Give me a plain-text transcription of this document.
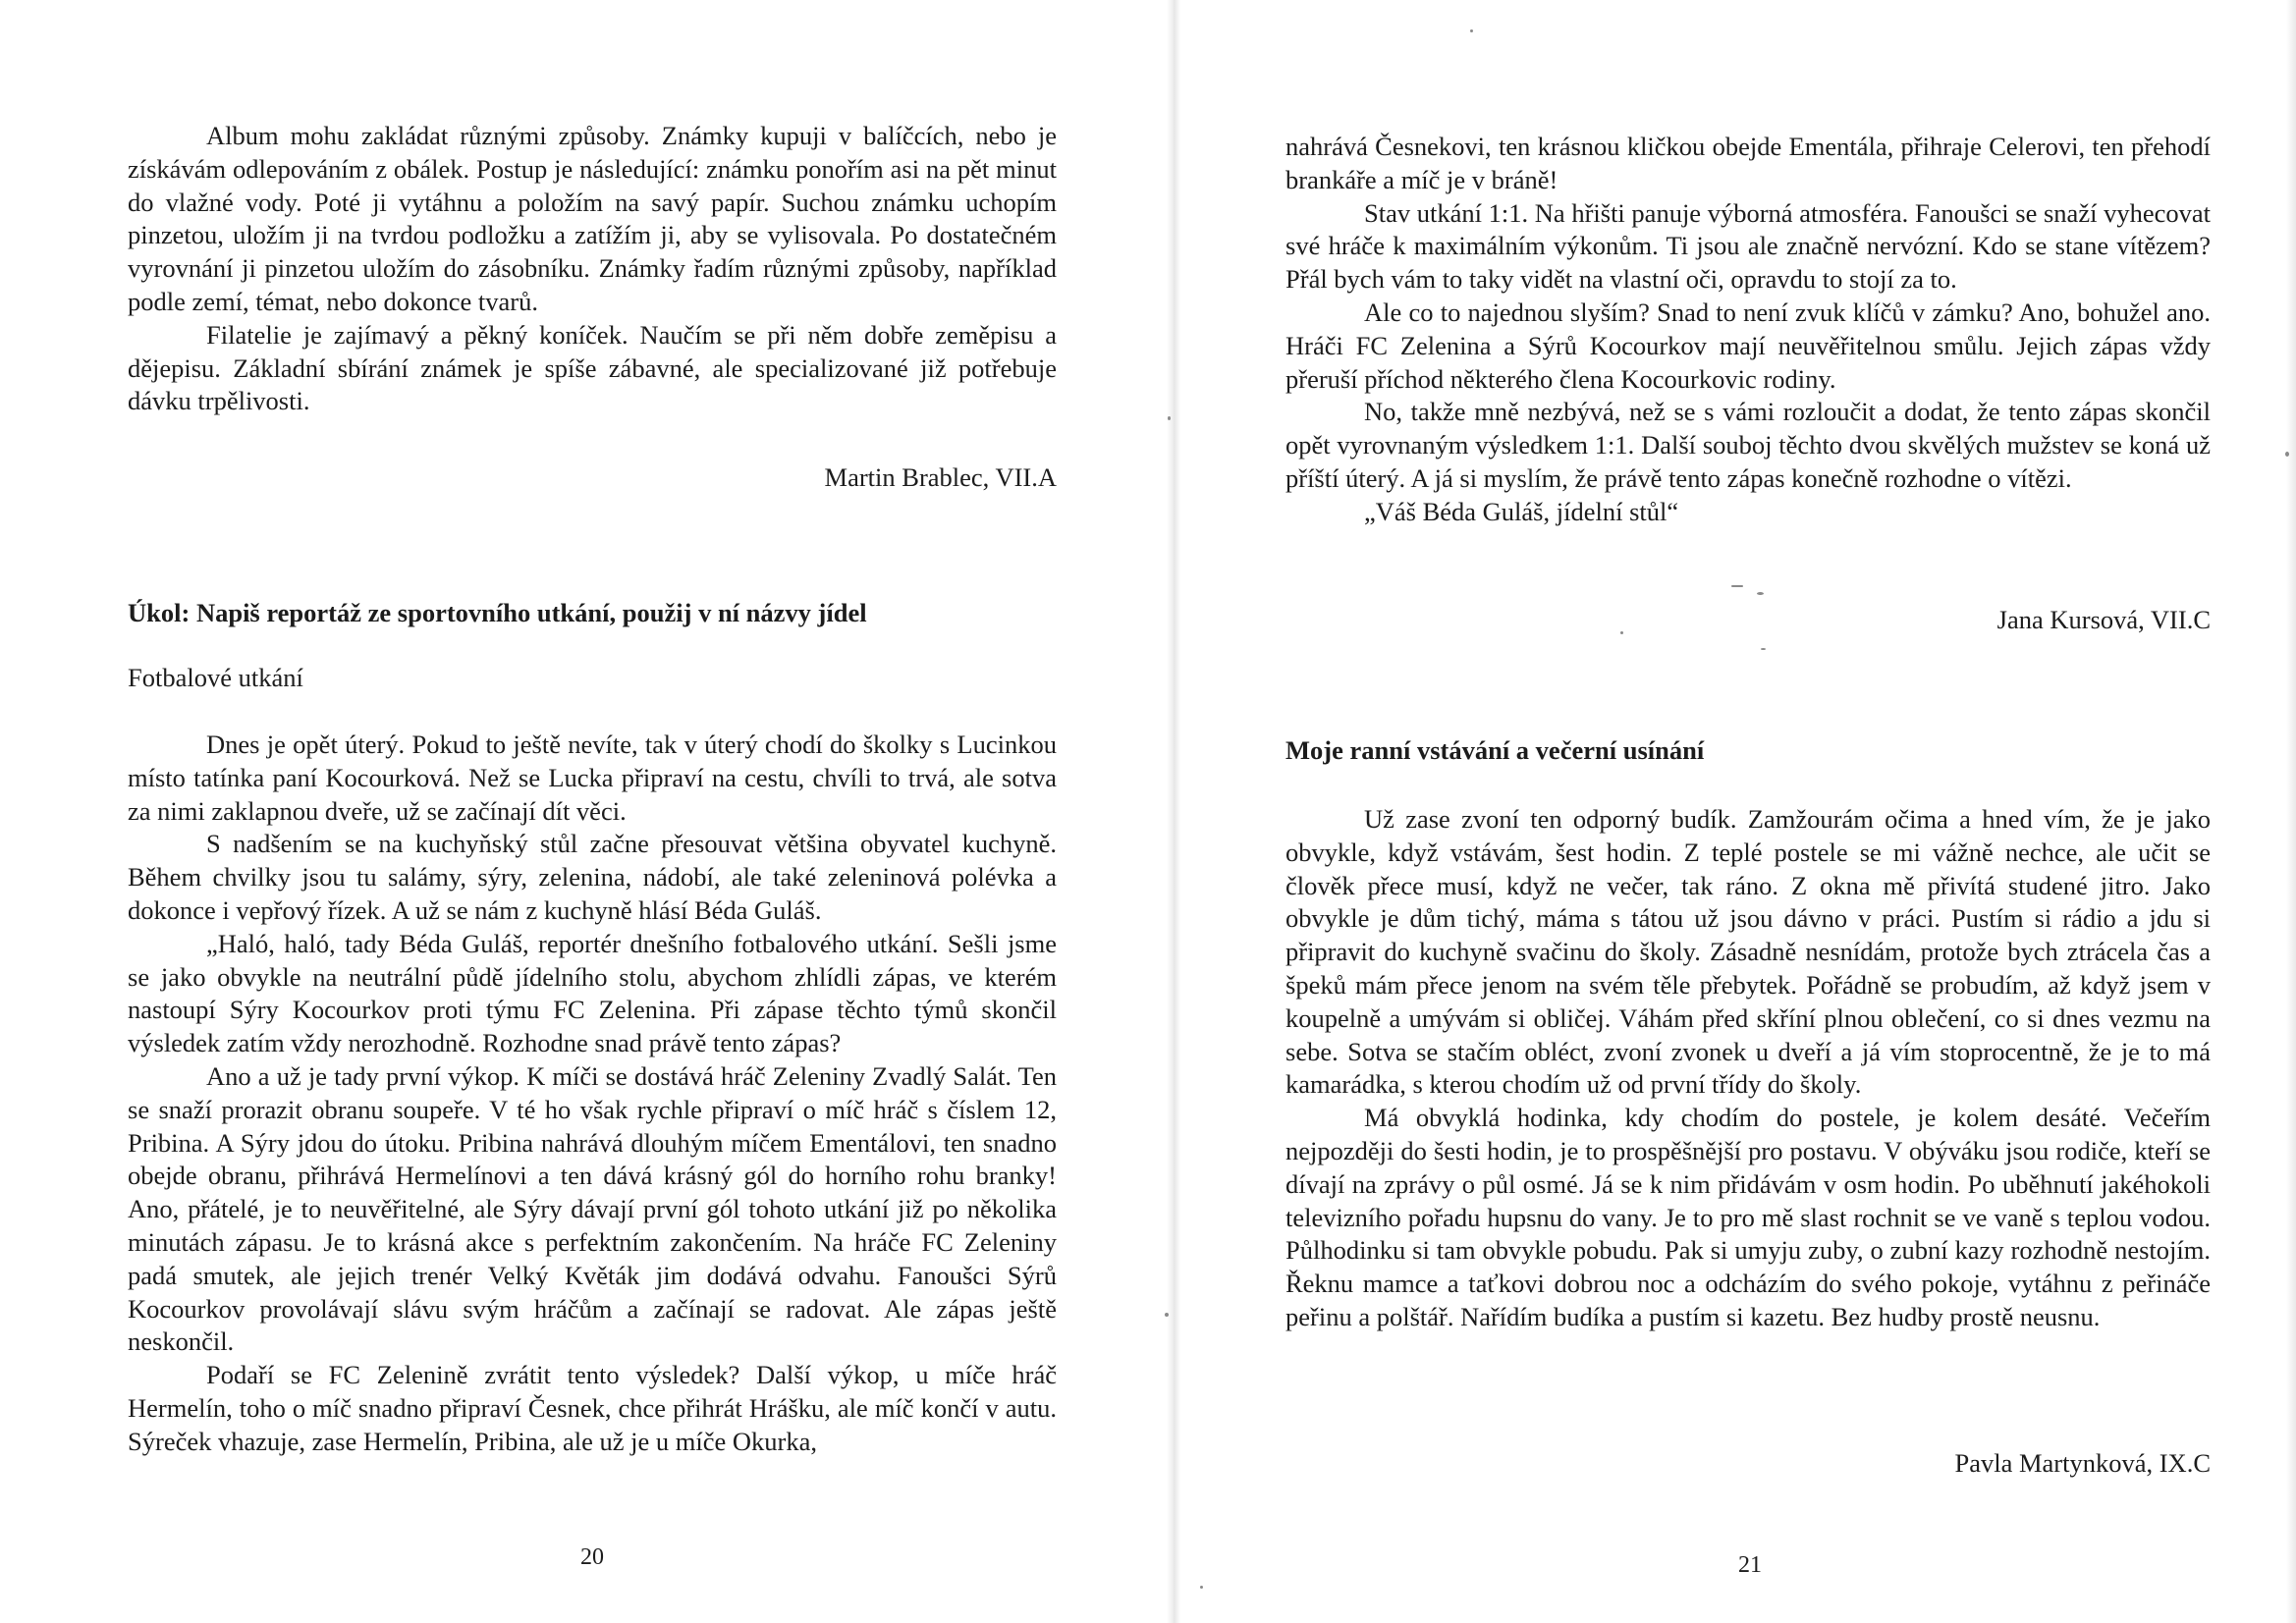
Album mohu zakládat různými způsoby. Známky kupuji v balíčcích, nebo je získávám odlepováním z obálek. Postup je následující: známku ponořím asi na pět minut do vlažné vody. Poté ji vytáhnu a položím na savý papír. Suchou známku uchopím pinzetou, uložím ji na tvrdou podložku a zatížím ji, aby se vylisovala. Po dostatečném vyrovnání ji pinzetou uložím do zásobníku. Známky řadím různými způsoby, například podle zemí, témat, nebo dokonce tvarů.

Filatelie je zajímavý a pěkný koníček. Naučím se při něm dobře zeměpisu a dějepisu. Základní sbírání známek je spíše zábavné, ale specializované již potřebuje dávku trpělivosti.

Martin Brablec, VII.A
Úkol: Napiš reportáž ze sportovního utkání, použij v ní názvy jídel
Fotbalové utkání

Dnes je opět úterý. Pokud to ještě nevíte, tak v úterý chodí do školky s Lucinkou místo tatínka paní Kocourková. Než se Lucka připraví na cestu, chvíli to trvá, ale sotva za nimi zaklapnou dveře, už se začínají dít věci.

S nadšením se na kuchyňský stůl začne přesouvat většina obyvatel kuchyně. Během chvilky jsou tu salámy, sýry, zelenina, nádobí, ale také zeleninová polévka a dokonce i vepřový řízek. A už se nám z kuchyně hlásí Béda Guláš.

„Haló, haló, tady Béda Guláš, reportér dnešního fotbalového utkání. Sešli jsme se jako obvykle na neutrální půdě jídelního stolu, abychom zhlídli zápas, ve kterém nastoupí Sýry Kocourkov proti týmu FC Zelenina. Při zápase těchto týmů skončil výsledek zatím vždy nerozhodně. Rozhodne snad právě tento zápas?

Ano a už je tady první výkop. K míči se dostává hráč Zeleniny Zvadlý Salát. Ten se snaží prorazit obranu soupeře. V té ho však rychle připraví o míč hráč s číslem 12, Pribina. A Sýry jdou do útoku. Pribina nahrává dlouhým míčem Ementálovi, ten snadno obejde obranu, přihrává Hermelínovi a ten dává krásný gól do horního rohu branky! Ano, přátelé, je to neuvěřitelné, ale Sýry dávají první gól tohoto utkání již po několika minutách zápasu. Je to krásná akce s perfektním zakončením. Na hráče FC Zeleniny padá smutek, ale jejich trenér Velký Květák jim dodává odvahu. Fanoušci Sýrů Kocourkov provolávají slávu svým hráčům a začínají se radovat. Ale zápas ještě neskončil.

Podaří se FC Zelenině zvrátit tento výsledek? Další výkop, u míče hráč Hermelín, toho o míč snadno připraví Česnek, chce přihrát Hrášku, ale míč končí v autu. Sýreček vhazuje, zase Hermelín, Pribina, ale už je u míče Okurka,

20

nahrává Česnekovi, ten krásnou kličkou obejde Ementála, přihraje Celerovi, ten přehodí brankáře a míč je v bráně!

Stav utkání 1:1. Na hřišti panuje výborná atmosféra. Fanoušci se snaží vyhecovat své hráče k maximálním výkonům. Ti jsou ale značně nervózní. Kdo se stane vítězem? Přál bych vám to taky vidět na vlastní oči, opravdu to stojí za to.

Ale co to najednou slyším? Snad to není zvuk klíčů v zámku? Ano, bohužel ano. Hráči FC Zelenina a Sýrů Kocourkov mají neuvěřitelnou smůlu. Jejich zápas vždy přeruší příchod některého člena Kocourkovic rodiny.

No, takže mně nezbývá, než se s vámi rozloučit a dodat, že tento zápas skončil opět vyrovnaným výsledkem 1:1. Další souboj těchto dvou skvělých mužstev se koná už příští úterý. A já si myslím, že právě tento zápas konečně rozhodne o vítězi.

„Váš Béda Guláš, jídelní stůl“

Jana Kursová, VII.C
Moje ranní vstávání a večerní usínání

Už zase zvoní ten odporný budík. Zamžourám očima a hned vím, že je jako obvykle, když vstávám, šest hodin. Z teplé postele se mi vážně nechce, ale učit se člověk přece musí, když ne večer, tak ráno. Z okna mě přivítá studené jitro. Jako obvykle je dům tichý, máma s tátou už jsou dávno v práci. Pustím si rádio a jdu si připravit do kuchyně svačinu do školy. Zásadně nesnídám, protože bych ztrácela čas a špeků mám přece jenom na svém těle přebytek. Pořádně se probudím, až když jsem v koupelně a umývám si obličej. Váhám před skříní plnou oblečení, co si dnes vezmu na sebe. Sotva se stačím obléct, zvoní zvonek u dveří a já vím stoprocentně, že je to má kamarádka, s kterou chodím už od první třídy do školy.

Má obvyklá hodinka, kdy chodím do postele, je kolem desáté. Večeřím nejpozději do šesti hodin, je to prospěšnější pro postavu. V obýváku jsou rodiče, kteří se dívají na zprávy o půl osmé. Já se k nim přidávám v osm hodin. Po uběhnutí jakéhokoli televizního pořadu hupsnu do vany. Je to pro mě slast rochnit se ve vaně s teplou vodou. Půlhodinku si tam obvykle pobudu. Pak si umyju zuby, o zubní kazy rozhodně nestojím. Řeknu mamce a taťkovi dobrou noc a odcházím do svého pokoje, vytáhnu z peřináče peřinu a polštář. Nařídím budíka a pustím si kazetu. Bez hudby prostě neusnu.

Pavla Martynková, IX.C
21
